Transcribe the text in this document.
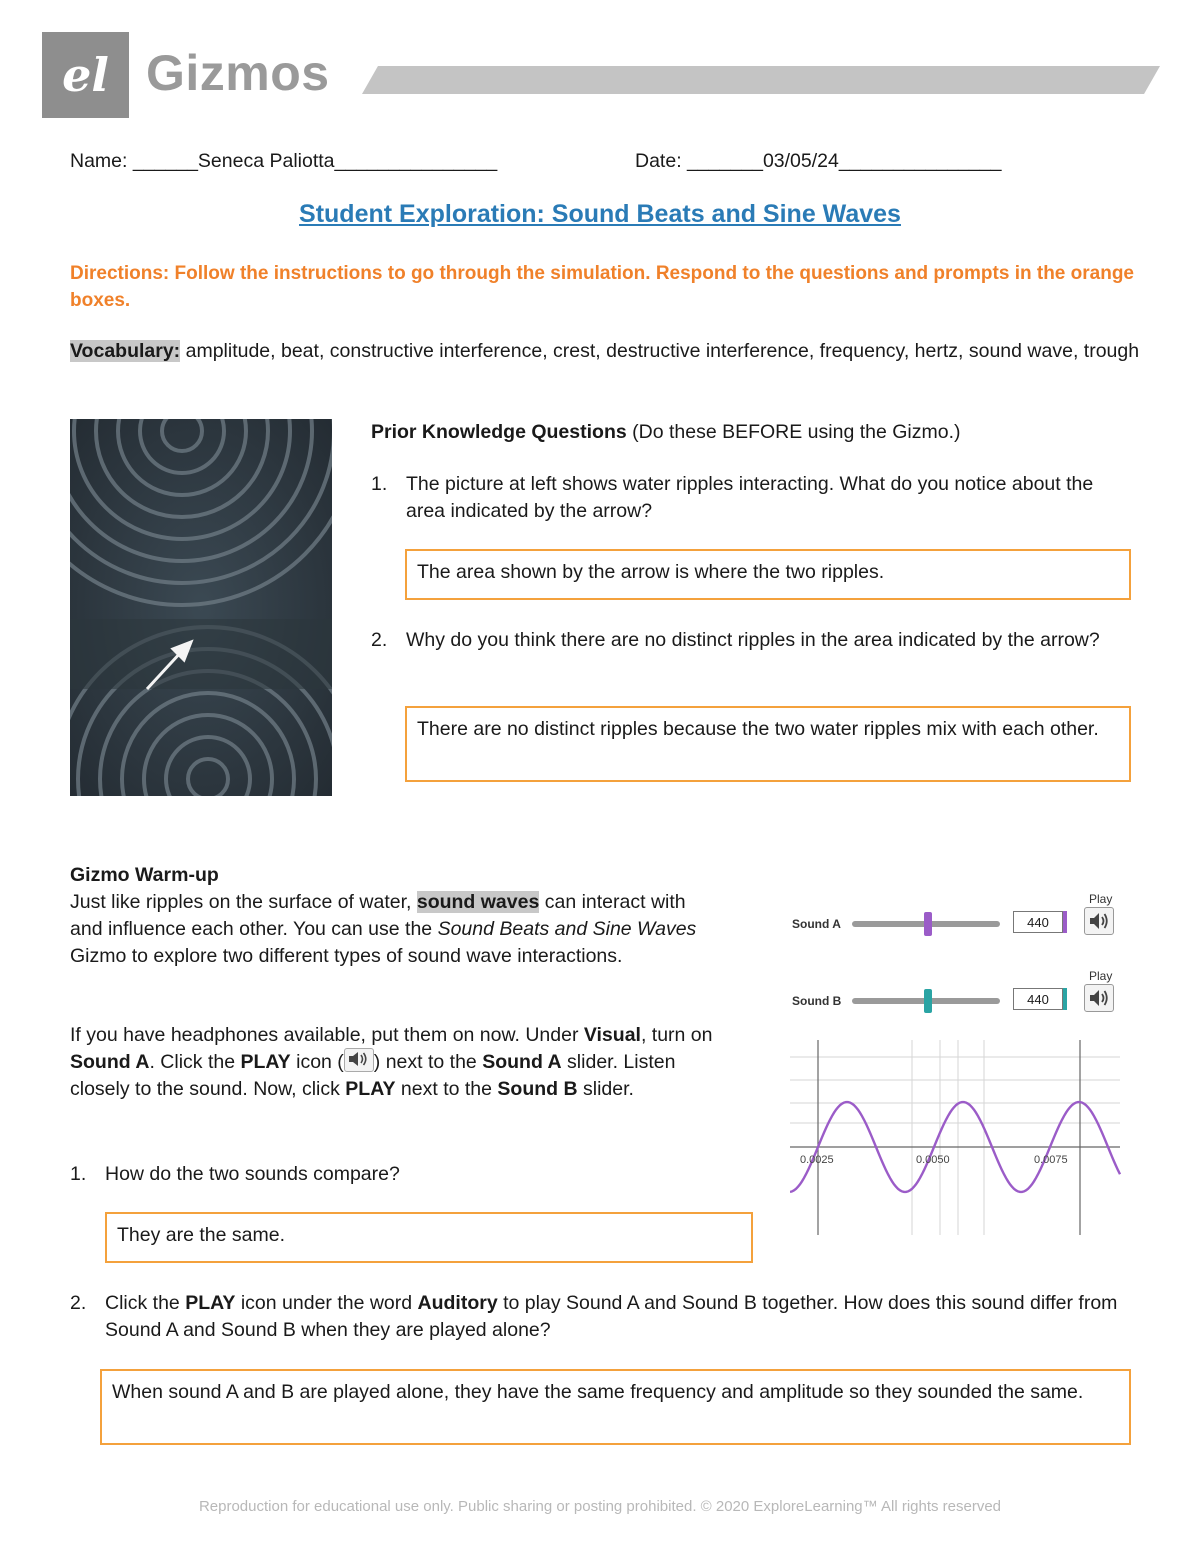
el Gizmos
Name: ______Seneca Paliotta_______________	Date: _______03/05/24_______________
Student Exploration: Sound Beats and Sine Waves
Directions: Follow the instructions to go through the simulation. Respond to the questions and prompts in the orange boxes.
Vocabulary: amplitude, beat, constructive interference, crest, destructive interference, frequency, hertz, sound wave, trough
Prior Knowledge Questions (Do these BEFORE using the Gizmo.)
1. The picture at left shows water ripples interacting. What do you notice about the area indicated by the arrow?
The area shown by the arrow is where the two ripples.
2. Why do you think there are no distinct ripples in the area indicated by the arrow?
There are no distinct ripples because the two water ripples mix with each other.
Gizmo Warm-up
Just like ripples on the surface of water, sound waves can interact with and influence each other. You can use the Sound Beats and Sine Waves Gizmo to explore two different types of sound wave interactions.
If you have headphones available, put them on now. Under Visual, turn on Sound A. Click the PLAY icon ( ) next to the Sound A slider. Listen closely to the sound. Now, click PLAY next to the Sound B slider.
1. How do the two sounds compare?
They are the same.
2. Click the PLAY icon under the word Auditory to play Sound A and Sound B together. How does this sound differ from Sound A and Sound B when they are played alone?
When sound A and B are played alone, they have the same frequency and amplitude so they sounded the same.
Play
Sound A	440
Play
Sound B	440
0.0025	0.0050	0.0075
Reproduction for educational use only. Public sharing or posting prohibited. © 2020 ExploreLearning™ All rights reserved
